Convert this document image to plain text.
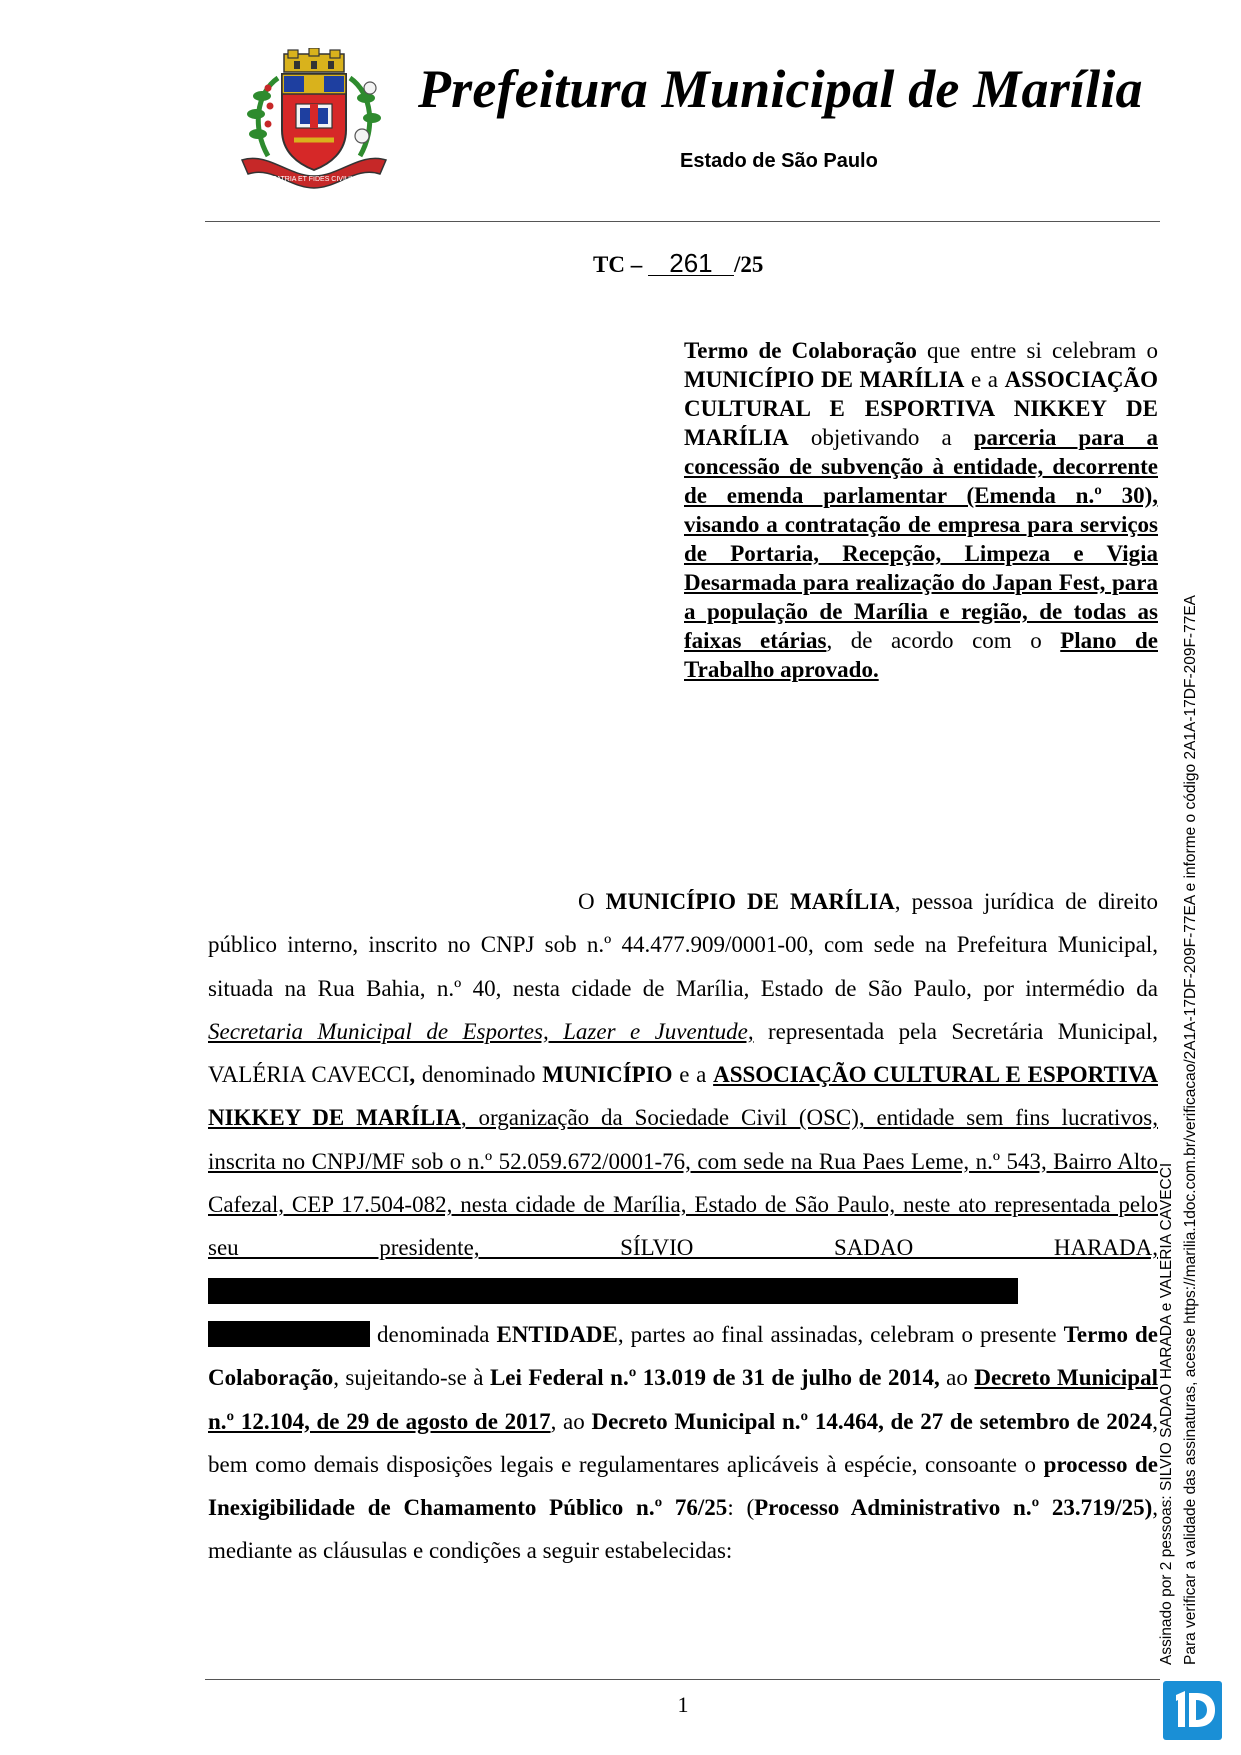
PATRIA ET FIDES CIVIUM
Prefeitura Municipal de Marília
Estado de São Paulo
TC – 261 /25
Termo de Colaboração que entre si celebram o MUNICÍPIO DE MARÍLIA e a ASSOCIAÇÃO CULTURAL E ESPORTIVA NIKKEY DE MARÍLIA objetivando a parceria para a concessão de subvenção à entidade, decorrente de emenda parlamentar (Emenda n.º 30), visando a contratação de empresa para serviços de Portaria, Recepção, Limpeza e Vigia Desarmada para realização do Japan Fest, para a população de Marília e região, de todas as faixas etárias, de acordo com o Plano de Trabalho aprovado.
O MUNICÍPIO DE MARÍLIA, pessoa jurídica de direito público interno, inscrito no CNPJ sob n.º 44.477.909/0001-00, com sede na Prefeitura Municipal, situada na Rua Bahia, n.º 40, nesta cidade de Marília, Estado de São Paulo, por intermédio da Secretaria Municipal de Esportes, Lazer e Juventude, representada pela Secretária Municipal, VALÉRIA CAVECCI, denominado MUNICÍPIO e a ASSOCIAÇÃO CULTURAL E ESPORTIVA NIKKEY DE MARÍLIA, organização da Sociedade Civil (OSC), entidade sem fins lucrativos, inscrita no CNPJ/MF sob o n.º 52.059.672/0001-76, com sede na Rua Paes Leme, n.º 543, Bairro Alto Cafezal, CEP 17.504-082, nesta cidade de Marília, Estado de São Paulo, neste ato representada pelo seu presidente, SÍLVIO SADAO HARADA,   denominada ENTIDADE, partes ao final assinadas, celebram o presente Termo de Colaboração, sujeitando-se à Lei Federal n.º 13.019 de 31 de julho de 2014, ao Decreto Municipal n.º 12.104, de 29 de agosto de 2017, ao Decreto Municipal n.º 14.464, de 27 de setembro de 2024, bem como demais disposições legais e regulamentares aplicáveis à espécie, consoante o processo de Inexigibilidade de Chamamento Público n.º 76/25: (Processo Administrativo n.º 23.719/25), mediante as cláusulas e condições a seguir estabelecidas:
1
Assinado por 2 pessoas: SILVIO SADAO HARADA e VALERIA CAVECCI Para verificar a validade das assinaturas, acesse https://marilia.1doc.com.br/verificacao/2A1A-17DF-209F-77EA e informe o código 2A1A-17DF-209F-77EA
